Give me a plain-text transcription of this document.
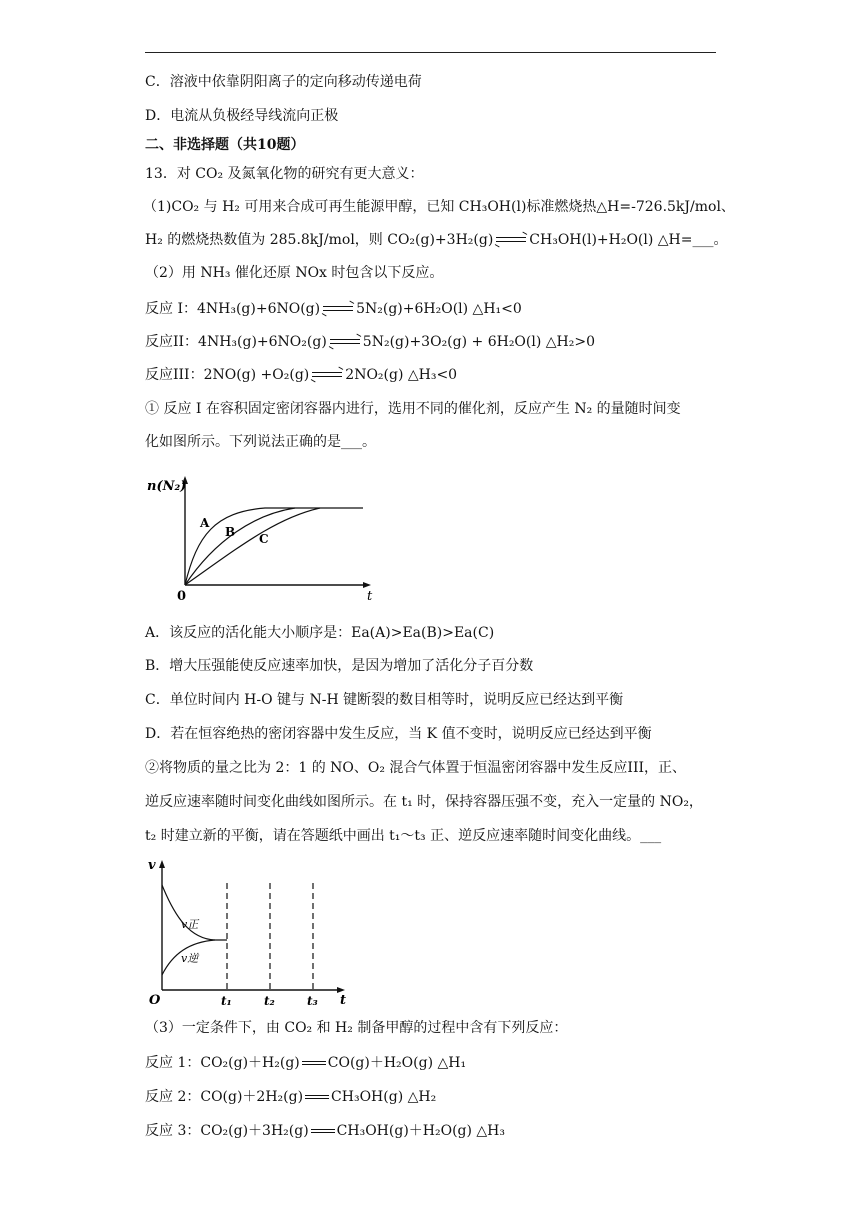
C．溶液中依靠阴阳离子的定向移动传递电荷
D．电流从负极经导线流向正极
二、非选择题（共10题）
13．对 CO₂ 及氮氧化物的研究有更大意义：
（1)CO₂ 与 H₂ 可用来合成可再生能源甲醇，已知 CH₃OH(l)标准燃烧热△H=-726.5kJ/mol、
H₂ 的燃烧热数值为 285.8kJ/mol，则 CO₂(g)+3H₂(g)	CH₃OH(l)+H₂O(l) △H=___。
（2）用 NH₃ 催化还原 NOx 时包含以下反应。
反应 I：4NH₃(g)+6NO(g)	5N₂(g)+6H₂O(l) △H₁<0
反应II：4NH₃(g)+6NO₂(g)	5N₂(g)+3O₂(g) + 6H₂O(l) △H₂>0
反应III：2NO(g) +O₂(g)	2NO₂(g) △H₃<0
① 反应 I 在容积固定密闭容器内进行，选用不同的催化剂，反应产生 N₂ 的量随时间变
化如图所示。下列说法正确的是___。
n(N₂)
t
0
A
B C
A．该反应的活化能大小顺序是：Ea(A)>Ea(B)>Ea(C)
B．增大压强能使反应速率加快，是因为增加了活化分子百分数
C．单位时间内 H-O 键与 N-H 键断裂的数目相等时，说明反应已经达到平衡
D．若在恒容绝热的密闭容器中发生反应，当 K 值不变时，说明反应已经达到平衡
②将物质的量之比为 2：1 的 NO、O₂ 混合气体置于恒温密闭容器中发生反应III，正、
逆反应速率随时间变化曲线如图所示。在 t₁ 时，保持容器压强不变，充入一定量的 NO₂，
t₂ 时建立新的平衡，请在答题纸中画出 t₁～t₃ 正、逆反应速率随时间变化曲线。___
v
t
O
v正
v逆
t₁	t₂	t₃
（3）一定条件下，由 CO₂ 和 H₂ 制备甲醇的过程中含有下列反应：
反应 1：CO₂(g)＋H₂(g) CO(g)＋H₂O(g) △H₁
反应 2：CO(g)＋2H₂(g) CH₃OH(g) △H₂
反应 3：CO₂(g)＋3H₂(g) CH₃OH(g)＋H₂O(g) △H₃
